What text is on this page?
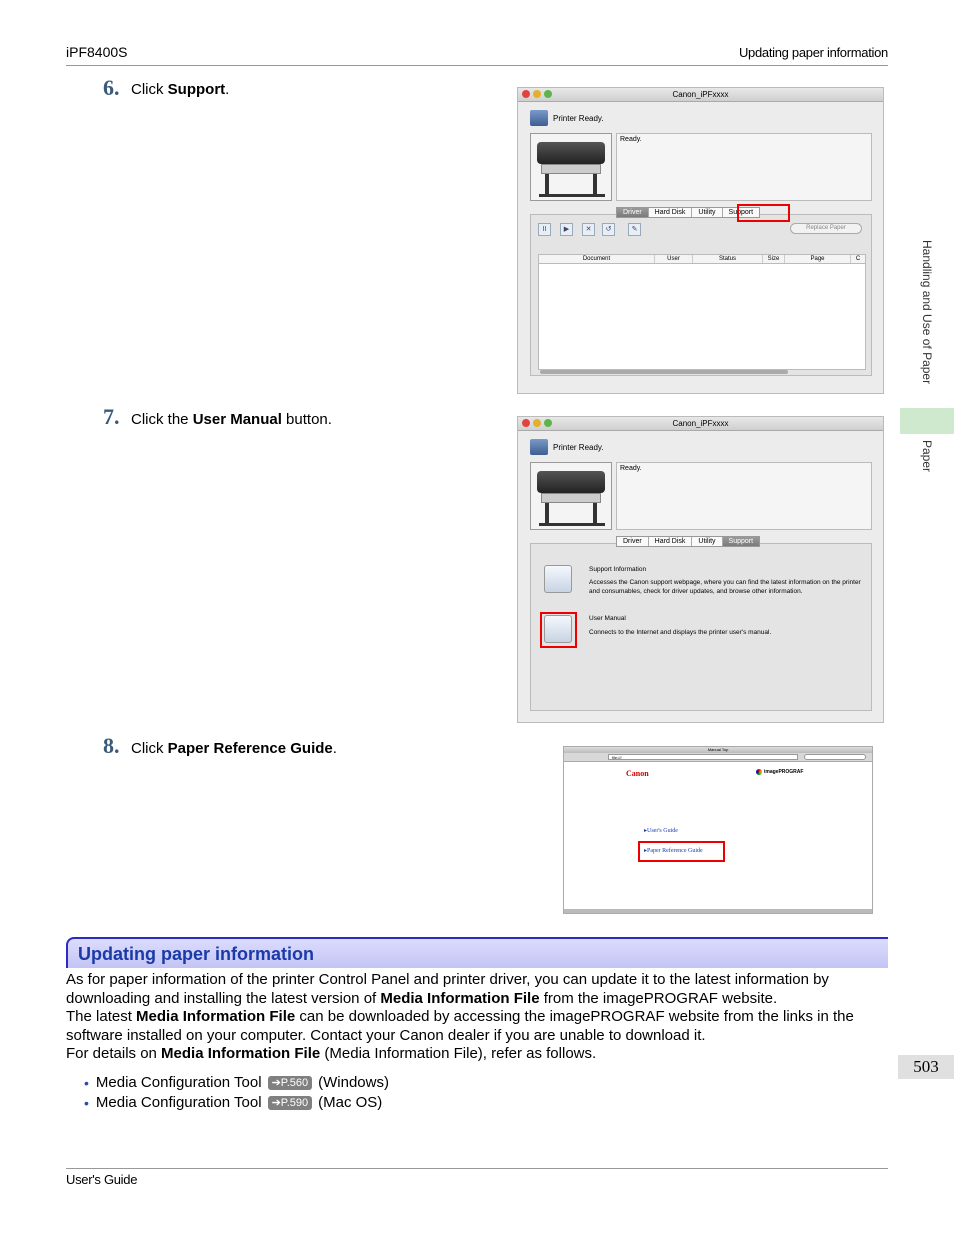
iPF8400S	Updating paper information
6. Click Support.	Canon_iPFxxxx
Printer Ready.
Ready.
Driver	Hard Disk	Utility	Support
II	▶	✕	↺	✎	Replace Paper
Document	User	Status	Size	Page	C
7. Click the User Manual button.	Canon_iPFxxxx
Printer Ready.
Ready.
Driver	Hard Disk	Utility	Support
Support Information
Accesses the Canon support webpage, where you can find the latest information on the printer and consumables, check for driver updates, and browse other information.
User Manual
Connects to the Internet and displays the printer user's manual.
8. Click Paper Reference Guide.	Manual Top
file:///
Canon	imagePROGRAF
▸User's Guide
▸Paper Reference Guide
Updating paper information
As for paper information of the printer Control Panel and printer driver, you can update it to the latest information by downloading and installing the latest version of Media Information File from the imagePROGRAF website.
The latest Media Information File can be downloaded by accessing the imagePROGRAF website from the links in the software installed on your computer. Contact your Canon dealer if you are unable to download it.
For details on Media Information File (Media Information File), refer as follows.
• Media Configuration Tool ➔P.560 (Windows)
• Media Configuration Tool ➔P.590 (Mac OS)
Handling and Use of Paper
Paper
503
User's Guide
